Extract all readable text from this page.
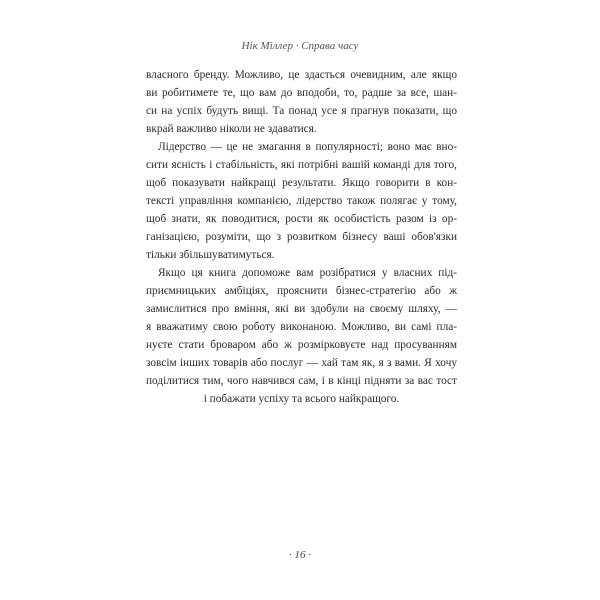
Нік Міллер · Справа часу
власного бренду. Можливо, це здасться очевидним, але якщо
ви робитимете те, що вам до вподоби, то, радше за все, шан-
си на успіх будуть вищі. Та понад усе я прагнув показати, що
вкрай важливо ніколи не здаватися.
Лідерство — це не змагання в популярності; воно має вно-
сити ясність і стабільність, які потрібні вашій команді для того,
щоб показувати найкращі результати. Якщо говорити в кон-
тексті управління компанією, лідерство також полягає у тому,
щоб знати, як поводитися, рости як особистість разом із ор-
ганізацією, розуміти, що з розвитком бізнесу ваші обов'язки
тільки збільшуватимуться.
Якщо ця книга допоможе вам розібратися у власних під-
приємницьких амбіціях, прояснити бізнес-стратегію або ж
замислитися про вміння, які ви здобули на своєму шляху, —
я вважатиму свою роботу виконаною. Можливо, ви самі пла-
нуєте стати броваром або ж розмірковуєте над просуванням
зовсім інших товарів або послуг — хай там як, я з вами. Я хочу
поділитися тим, чого навчився сам, і в кінці підняти за вас тост
і побажати успіху та всього найкращого.
· 16 ·
